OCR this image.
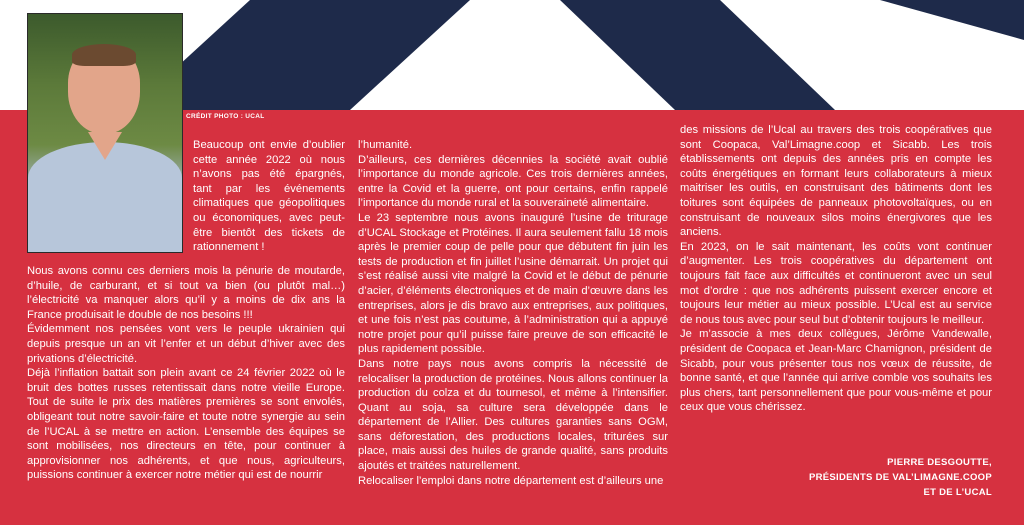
CRÉDIT PHOTO : UCAL

Beaucoup ont envie d’oublier cette année 2022 où nous n’avons pas été épargnés, tant par les événements climatiques que géopolitiques ou économiques, avec peut-être bientôt des tickets de rationnement !

Nous avons connu ces derniers mois la pénurie de moutarde, d’huile, de carburant, et si tout va bien (ou plutôt mal…) l’électricité va manquer alors qu’il y a moins de dix ans la France produisait le double de nos besoins !!!

Évidemment nos pensées vont vers le peuple ukrainien qui depuis presque un an vit l’enfer et un début d’hiver avec des privations d’électricité.

Déjà l’inflation battait son plein avant ce 24 février 2022 où le bruit des bottes russes retentissait dans notre vieille Europe. Tout de suite le prix des matières premières se sont envolés, obligeant tout notre savoir-faire et toute notre synergie au sein de l’UCAL à se mettre en action. L’ensemble des équipes se sont mobilisées, nos directeurs en tête, pour continuer à approvisionner nos adhérents, et que nous, agriculteurs, puissions continuer à exercer notre métier qui est de nourrir

l’humanité.

D’ailleurs, ces dernières décennies la société avait oublié l’importance du monde agricole. Ces trois dernières années, entre la Covid et la guerre, ont pour certains, enfin rappelé l’importance du monde rural et la souveraineté alimentaire.

Le 23 septembre nous avons inauguré l’usine de triturage d’UCAL Stockage et Protéines. Il aura seulement fallu 18 mois après le premier coup de pelle pour que débutent fin juin les tests de production et fin juillet l’usine démarrait. Un projet qui s’est réalisé aussi vite malgré la Covid et le début de pénurie d’acier, d’éléments électroniques et de main d’œuvre dans les entreprises, alors je dis bravo aux entreprises, aux politiques, et une fois n’est pas coutume, à l’administration qui a appuyé notre projet pour qu’il puisse faire preuve de son efficacité le plus rapidement possible.

Dans notre pays nous avons compris la nécessité de relocaliser la production de protéines. Nous allons continuer la production du colza et du tournesol, et même à l’intensifier. Quant au soja, sa culture sera développée dans le département de l’Allier. Des cultures garanties sans OGM, sans déforestation, des productions locales, triturées sur place, mais aussi des huiles de grande qualité, sans produits ajoutés et traitées naturellement.

Relocaliser l’emploi dans notre département est d’ailleurs une

des missions de l’Ucal au travers des trois coopératives que sont Coopaca, Val’Limagne.coop et Sicabb. Les trois établissements ont depuis des années pris en compte les coûts énergétiques en formant leurs collaborateurs à mieux maitriser les outils, en construisant des bâtiments dont les toitures sont équipées de panneaux photovoltaïques, ou en construisant de nouveaux silos moins énergivores que les anciens.

En 2023, on le sait maintenant, les coûts vont continuer d’augmenter. Les trois coopératives du département ont toujours fait face aux difficultés et continueront avec un seul mot d’ordre : que nos adhérents puissent exercer encore et toujours leur métier au mieux possible. L’Ucal est au service de nous tous avec pour seul but d’obtenir toujours le meilleur.

Je m’associe à mes deux collègues, Jérôme Vandewalle, président de Coopaca et Jean-Marc Chamignon, président de Sicabb, pour vous présenter tous nos vœux de réussite, de bonne santé, et que l’année qui arrive comble vos souhaits les plus chers, tant personnellement que pour vous-même et pour ceux que vous chérissez.

PIERRE DESGOUTTE,
PRÉSIDENTS DE VAL’LIMAGNE.COOP
ET DE L’UCAL
